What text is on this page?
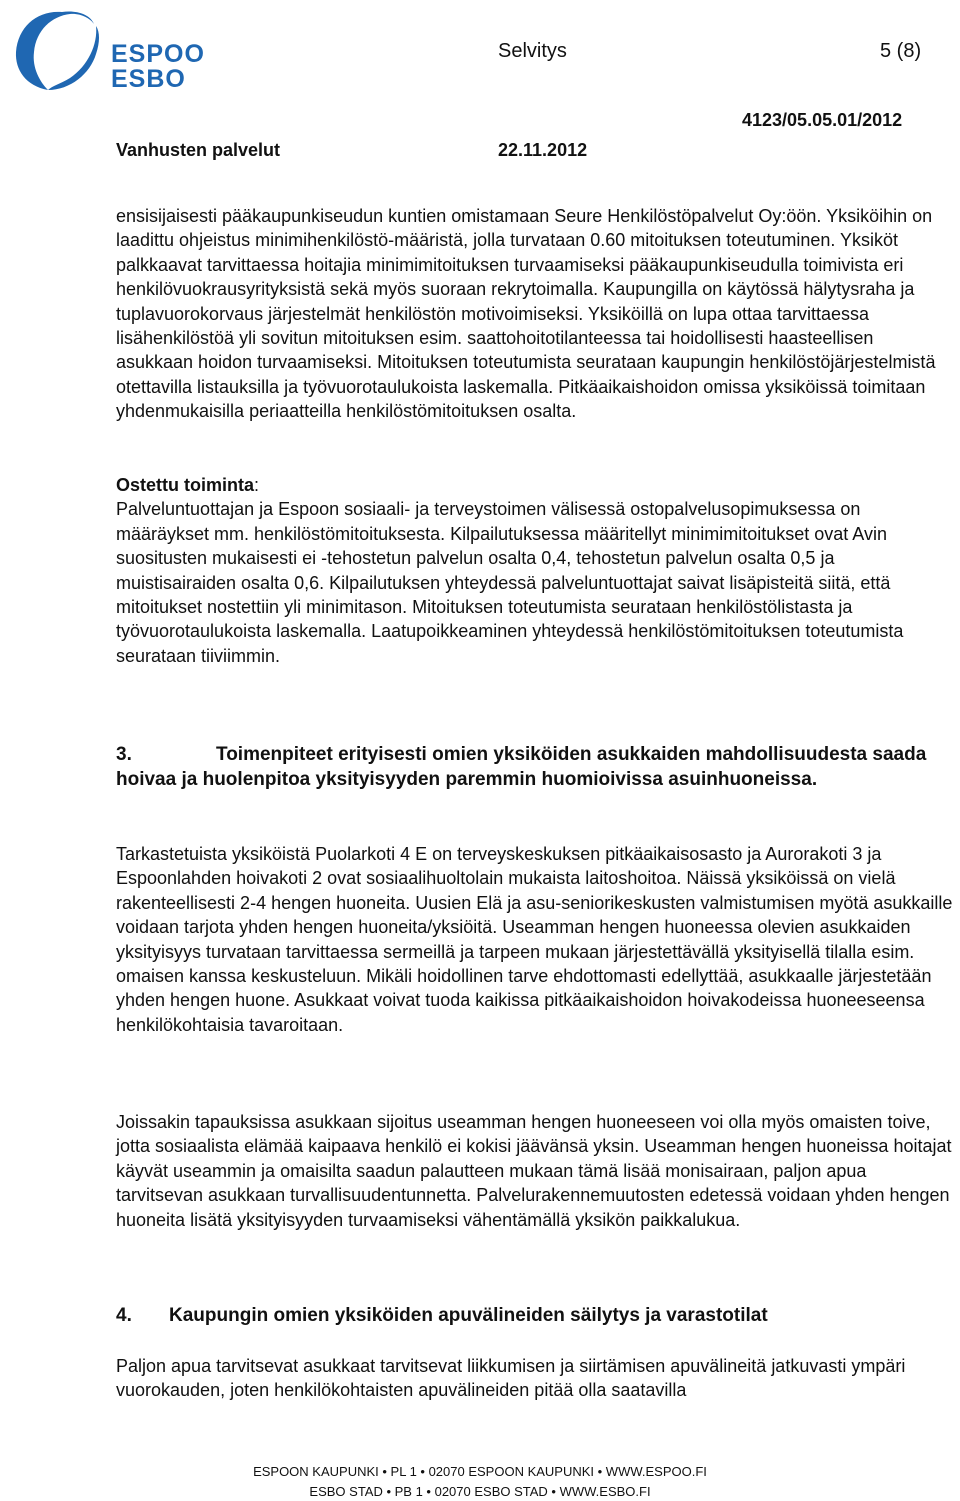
ESPOO
ESBO
Selvitys	5 (8)
Vanhusten palvelut	22.11.2012
4123/05.05.01/2012

ensisijaisesti pääkaupunkiseudun kuntien omistamaan Seure Henkilöstöpalvelut Oy:öön. Yksiköihin on laadittu ohjeistus minimihenkilöstö-määristä, jolla turvataan 0.60 mitoituksen toteutuminen. Yksiköt palkkaavat tarvittaessa hoitajia minimimitoituksen turvaamiseksi pääkaupunkiseudulla toimivista eri henkilövuokrausyrityksistä sekä myös suoraan rekrytoimalla. Kaupungilla on käytössä hälytysraha ja tuplavuorokorvaus järjestelmät henkilöstön motivoimiseksi. Yksiköillä on lupa ottaa tarvittaessa lisähenkilöstöä yli sovitun mitoituksen esim. saattohoitotilanteessa tai hoidollisesti haasteellisen asukkaan hoidon turvaamiseksi. Mitoituksen toteutumista seurataan kaupungin henkilöstöjärjestelmistä otettavilla listauksilla ja työvuorotaulukoista laskemalla. Pitkäaikaishoidon omissa yksiköissä toimitaan yhdenmukaisilla periaatteilla henkilöstömitoituksen osalta.

Ostettu toiminta:

Palveluntuottajan ja Espoon sosiaali- ja terveystoimen välisessä ostopalvelusopimuksessa on määräykset mm. henkilöstömitoituksesta. Kilpailutuksessa määritellyt minimimitoitukset ovat Avin suositusten mukaisesti ei -tehostetun palvelun osalta 0,4, tehostetun palvelun osalta 0,5 ja muistisairaiden osalta 0,6. Kilpailutuksen yhteydessä palveluntuottajat saivat lisäpisteitä siitä, että mitoitukset nostettiin yli minimitason. Mitoituksen toteutumista seurataan henkilöstölistasta ja työvuorotaulukoista laskemalla. Laatupoikkeaminen yhteydessä henkilöstömitoituksen toteutumista seurataan tiiviimmin.

3.	Toimenpiteet erityisesti omien yksiköiden asukkaiden mahdollisuudesta saada hoivaa ja huolenpitoa yksityisyyden paremmin huomioivissa asuinhuoneissa.

Tarkastetuista yksiköistä Puolarkoti 4 E on terveyskeskuksen pitkäaikaisosasto ja Aurorakoti 3 ja Espoonlahden hoivakoti 2 ovat sosiaalihuoltolain mukaista laitoshoitoa. Näissä yksiköissä on vielä rakenteellisesti 2-4 hengen huoneita. Uusien Elä ja asu-seniorikeskusten valmistumisen myötä asukkaille voidaan tarjota yhden hengen huoneita/yksiöitä. Useamman hengen huoneessa olevien asukkaiden yksityisyys turvataan tarvittaessa sermeillä ja tarpeen mukaan järjestettävällä yksityisellä tilalla esim. omaisen kanssa keskusteluun. Mikäli hoidollinen tarve ehdottomasti edellyttää, asukkaalle järjestetään yhden hengen huone. Asukkaat voivat tuoda kaikissa pitkäaikaishoidon hoivakodeissa huoneeseensa henkilökohtaisia tavaroitaan.

Joissakin tapauksissa asukkaan sijoitus useamman hengen huoneeseen voi olla myös omaisten toive, jotta sosiaalista elämää kaipaava henkilö ei kokisi jäävänsä yksin. Useamman hengen huoneissa hoitajat käyvät useammin ja omaisilta saadun palautteen mukaan tämä lisää monisairaan, paljon apua tarvitsevan asukkaan turvallisuudentunnetta. Palvelurakennemuutosten edetessä voidaan yhden hengen huoneita lisätä yksityisyyden turvaamiseksi vähentämällä yksikön paikkalukua.

4. Kaupungin omien yksiköiden apuvälineiden säilytys ja varastotilat

Paljon apua tarvitsevat asukkaat tarvitsevat liikkumisen ja siirtämisen apuvälineitä jatkuvasti ympäri vuorokauden, joten henkilökohtaisten apuvälineiden pitää olla saatavilla

ESPOON KAUPUNKI • PL 1 • 02070 ESPOON KAUPUNKI • WWW.ESPOO.FI
ESBO STAD • PB 1 • 02070 ESBO STAD • WWW.ESBO.FI
